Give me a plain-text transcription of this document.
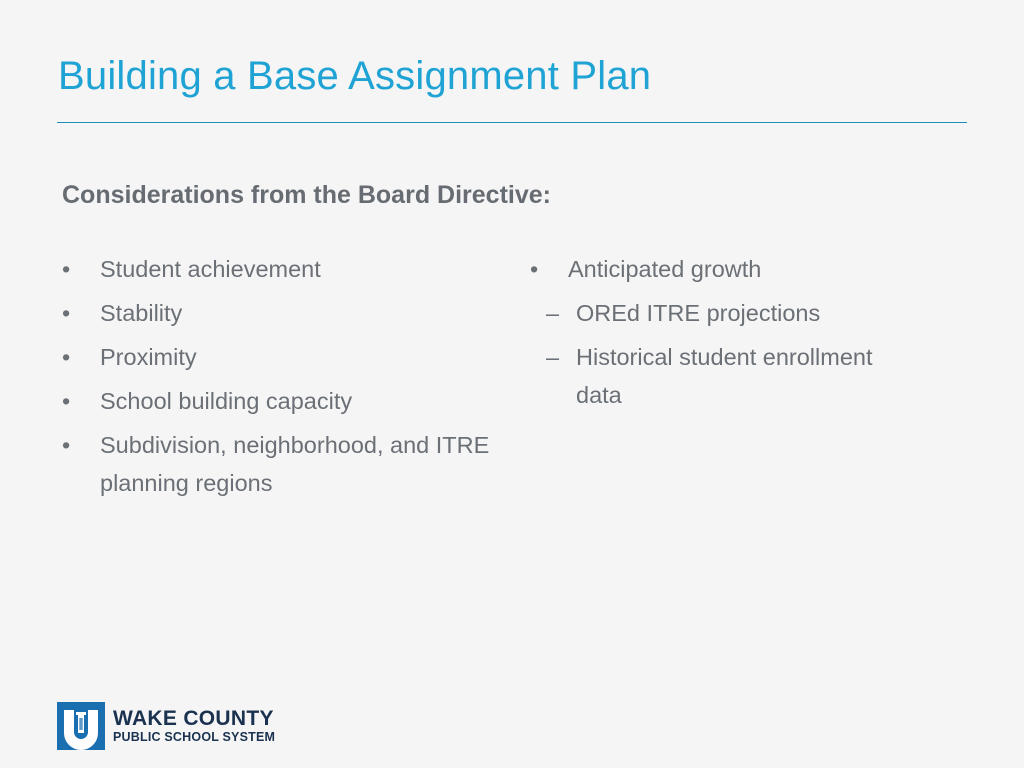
Building a Base Assignment Plan
Considerations from the Board Directive:
•	Student achievement
•	Stability
•	Proximity
•	School building capacity
•	Subdivision, neighborhood, and ITRE planning regions
•	Anticipated growth
– OREd ITRE projections
– Historical student enrollment data
WAKE COUNTY
PUBLIC SCHOOL SYSTEM
